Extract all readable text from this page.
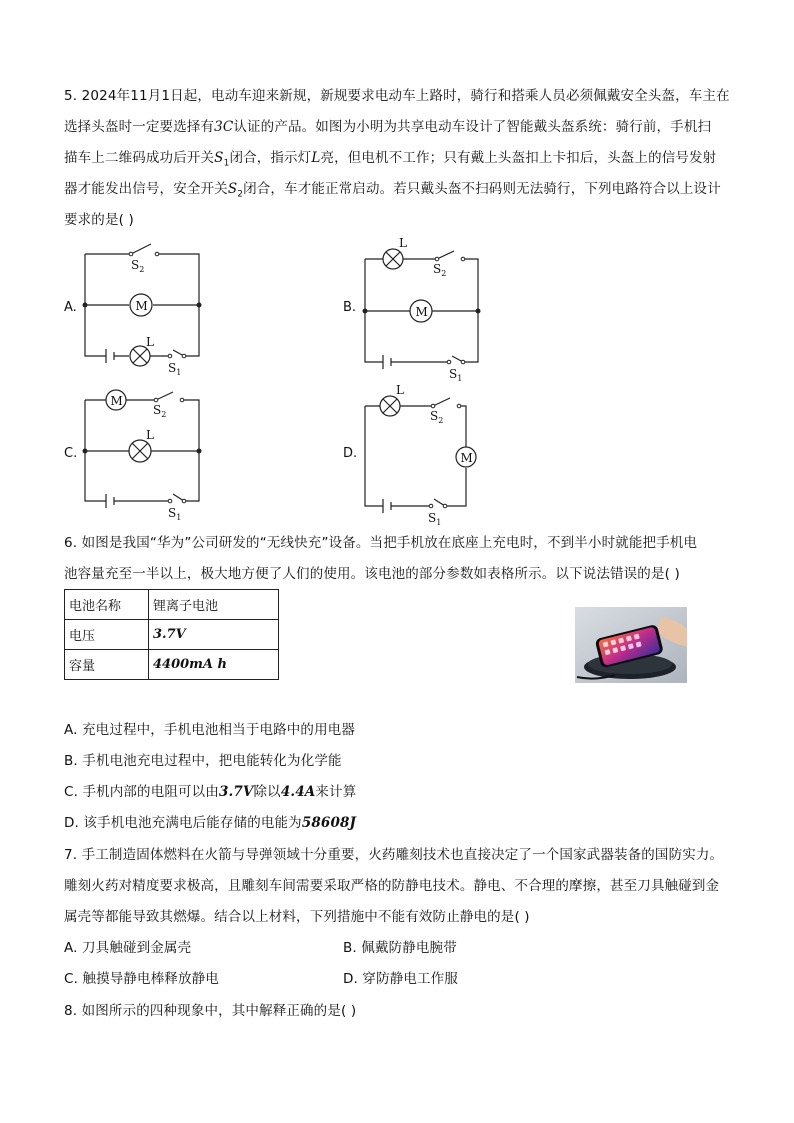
5. 2024年11月1日起，电动车迎来新规，新规要求电动车上路时，骑行和搭乘人员必须佩戴安全头盔，车主在
选择头盔时一定要选择有3C认证的产品。如图为小明为共享电动车设计了智能戴头盔系统：骑行前，手机扫
描车上二维码成功后开关$S_1$闭合，指示灯L亮，但电机不工作；只有戴上头盔扣上卡扣后，头盔上的信号发射
器才能发出信号，安全开关$S_2$闭合，车才能正常启动。若只戴头盔不扫码则无法骑行，下列电路符合以上设计
要求的是( )
A.
$S_2$
M
L
$S_1$
B.
L
$S_2$
M
$S_1$
C.
M
$S_2$
L
$S_1$
D.
L
$S_2$
M
$S_1$
6. 如图是我国“华为”公司研发的“无线快充”设备。当把手机放在底座上充电时，不到半小时就能把手机电
池容量充至一半以上，极大地方便了人们的使用。该电池的部分参数如表格所示。以下说法错误的是( )
电池名称	锂离子电池
电压	3.7V
容量	4400mA h
A. 充电过程中，手机电池相当于电路中的用电器
B. 手机电池充电过程中，把电能转化为化学能
C. 手机内部的电阻可以由3.7V除以4.4A来计算
D. 该手机电池充满电后能存储的电能为58608J
7. 手工制造固体燃料在火箭与导弹领域十分重要，火药雕刻技术也直接决定了一个国家武器装备的国防实力。
雕刻火药对精度要求极高，且雕刻车间需要采取严格的防静电技术。静电、不合理的摩擦，甚至刀具触碰到金
属壳等都能导致其燃爆。结合以上材料，下列措施中不能有效防止静电的是( )
A. 刀具触碰到金属壳	B. 佩戴防静电腕带
C. 触摸导静电棒释放静电	D. 穿防静电工作服
8. 如图所示的四种现象中，其中解释正确的是( )
